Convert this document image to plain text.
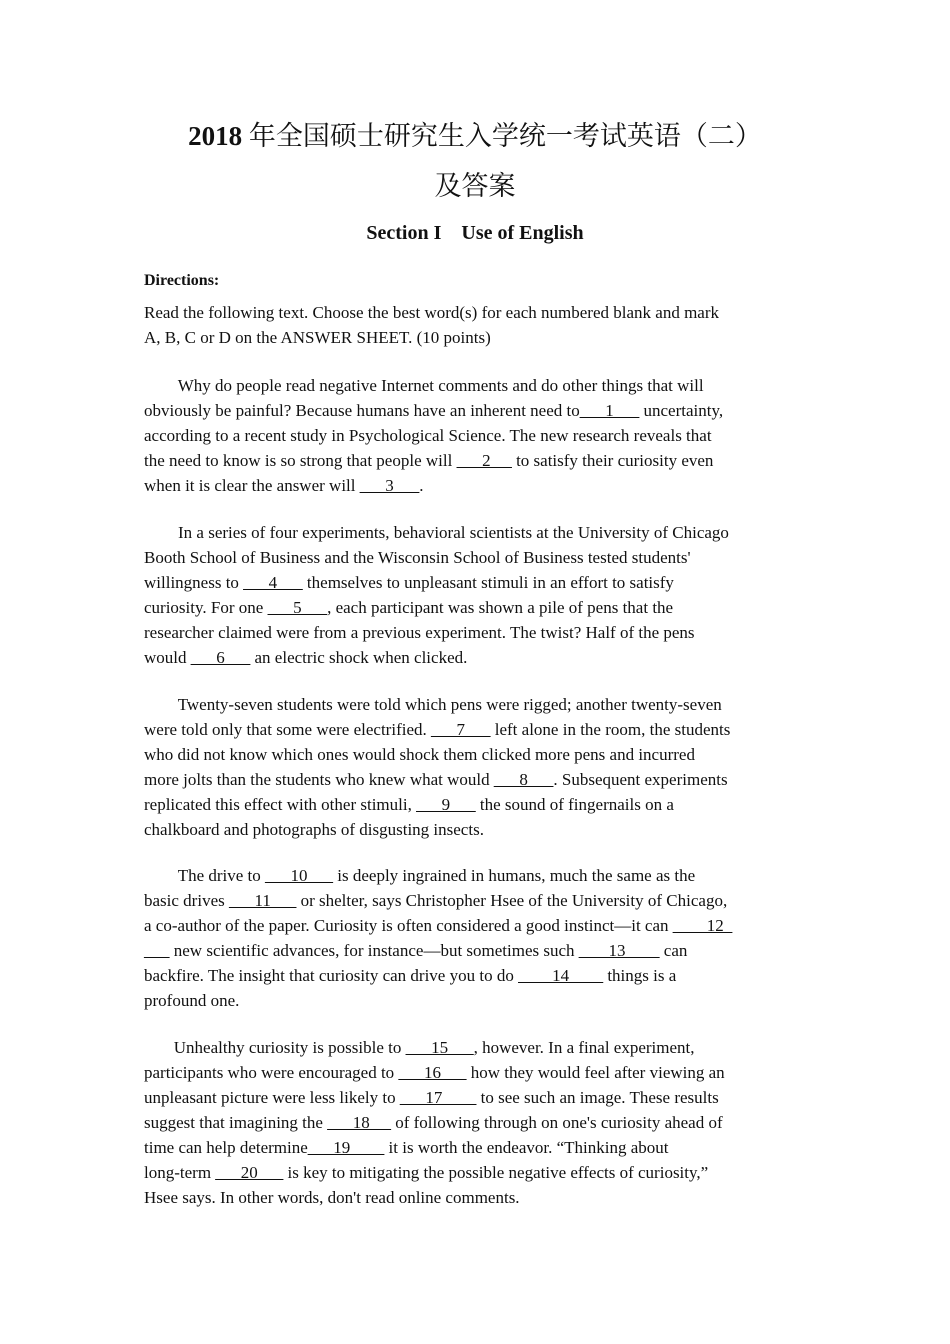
2018 年全国硕士研究生入学统一考试英语（二）
及答案
Section I Use of English
Directions:
Read the following text. Choose the best word(s) for each numbered blank and mark
A, B, C or D on the ANSWER SHEET. (10 points)
Why do people read negative Internet comments and do other things that will
obviously be painful? Because humans have an inherent need to___1___ uncertainty,
according to a recent study in Psychological Science. The new research reveals that
the need to know is so strong that people will ___2_ _ to satisfy their curiosity even
when it is clear the answer will ___3___.
In a series of four experiments, behavioral scientists at the University of Chicago
Booth School of Business and the Wisconsin School of Business tested students'
willingness to ___4___ themselves to unpleasant stimuli in an effort to satisfy
curiosity. For one ___5___, each participant was shown a pile of pens that the
researcher claimed were from a previous experiment. The twist? Half of the pens
would ___6___ an electric shock when clicked.
Twenty-seven students were told which pens were rigged; another twenty-seven
were told only that some were electrified. ___7___ left alone in the room, the students
who did not know which ones would shock them clicked more pens and incurred
more jolts than the students who knew what would ___8___. Subsequent experiments
replicated this effect with other stimuli, ___9___ the sound of fingernails on a
chalkboard and photographs of disgusting insects.
The drive to ___10___ is deeply ingrained in humans, much the same as the
basic drives ___11___ or shelter, says Christopher Hsee of the University of Chicago,
a co-author of the paper. Curiosity is often considered a good instinct—it can ____12_
___ new scientific advances, for instance—but sometimes such __   13____ can
backfire. The insight that curiosity can drive you to do ____14____ things is a
profound one.
Unhealthy curiosity is possible to ___15___, however. In a final experiment,
participants who were encouraged to ___16___ how they would feel after viewing an
unpleasant picture were less likely to ___17____ to see such an image. These results
suggest that imagining the ___18_ _ of following through on one's curiosity ahead of
time can help determine___19____ it is worth the endeavor. “Thinking about
long-term ___20___ is key to mitigating the possible negative effects of curiosity,”
Hsee says. In other words, don't read online comments.
